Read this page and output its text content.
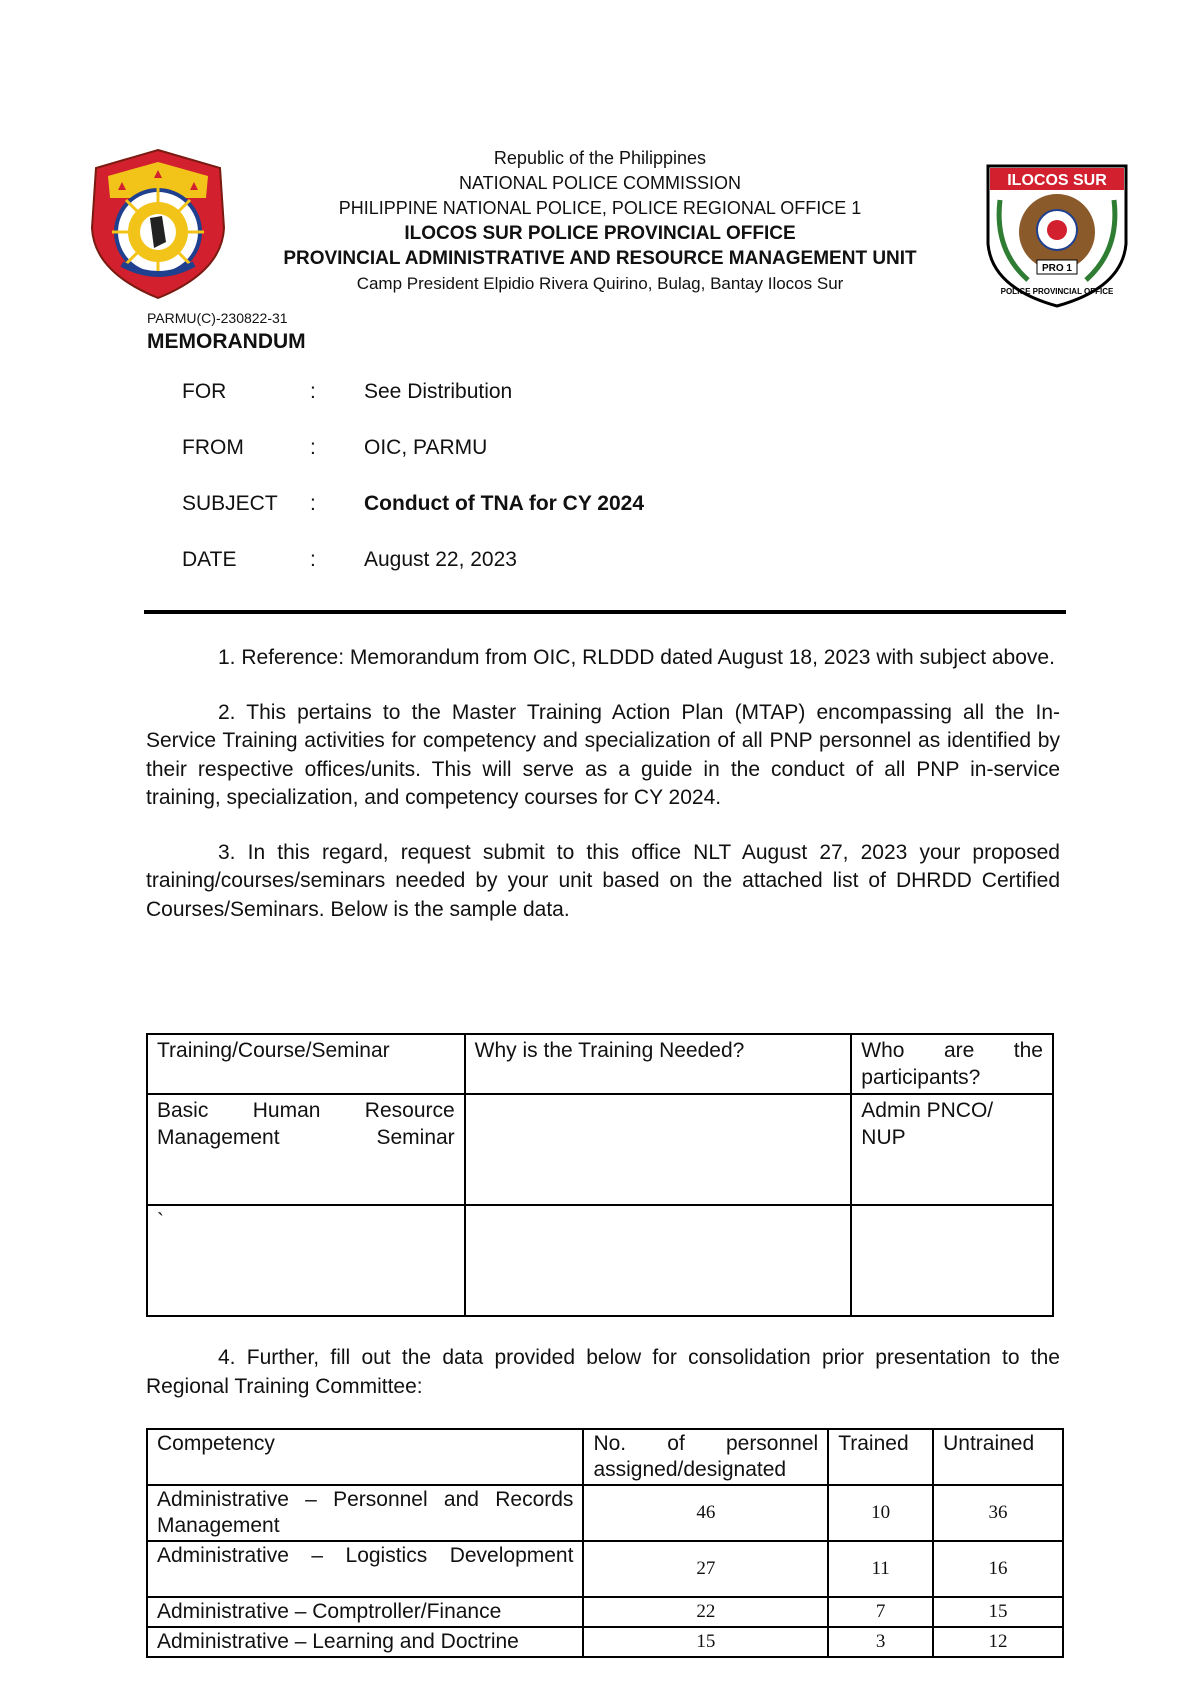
Republic of the Philippines
NATIONAL POLICE COMMISSION
PHILIPPINE NATIONAL POLICE, POLICE REGIONAL OFFICE 1
ILOCOS SUR POLICE PROVINCIAL OFFICE
PROVINCIAL ADMINISTRATIVE AND RESOURCE MANAGEMENT UNIT
Camp President Elpidio Rivera Quirino, Bulag, Bantay Ilocos Sur
ILOCOS SUR
PRO 1
POLICE PROVINCIAL OFFICE
PARMU(C)-230822-31
MEMORANDUM
FOR	: See Distribution
FROM	: OIC, PARMU
SUBJECT : Conduct of TNA for CY 2024
DATE	: August 22, 2023

1. Reference: Memorandum from OIC, RLDDD dated August 18, 2023 with subject above.

2. This pertains to the Master Training Action Plan (MTAP) encompassing all the In-Service Training activities for competency and specialization of all PNP personnel as identified by their respective offices/units. This will serve as a guide in the conduct of all PNP in-service training, specialization, and competency courses for CY 2024.

3. In this regard, request submit to this office NLT August 27, 2023 your proposed training/courses/seminars needed by your unit based on the attached list of DHRDD Certified Courses/Seminars. Below is the sample data.

Training/Course/Seminar	Why is the Training Needed?	Who are the participants?

Basic Human Resource Management Seminar		Admin PNCO/ NUP
`		

4. Further, fill out the data provided below for consolidation prior presentation to the Regional Training Committee:

Competency	No. of personnel assigned/designated	Trained	Untrained

Administrative – Personnel and Records Management	46	10	36

Administrative – Logistics Development	27	11	16
Administrative – Comptroller/Finance	22	7	15
Administrative – Learning and Doctrine	15	3	12
